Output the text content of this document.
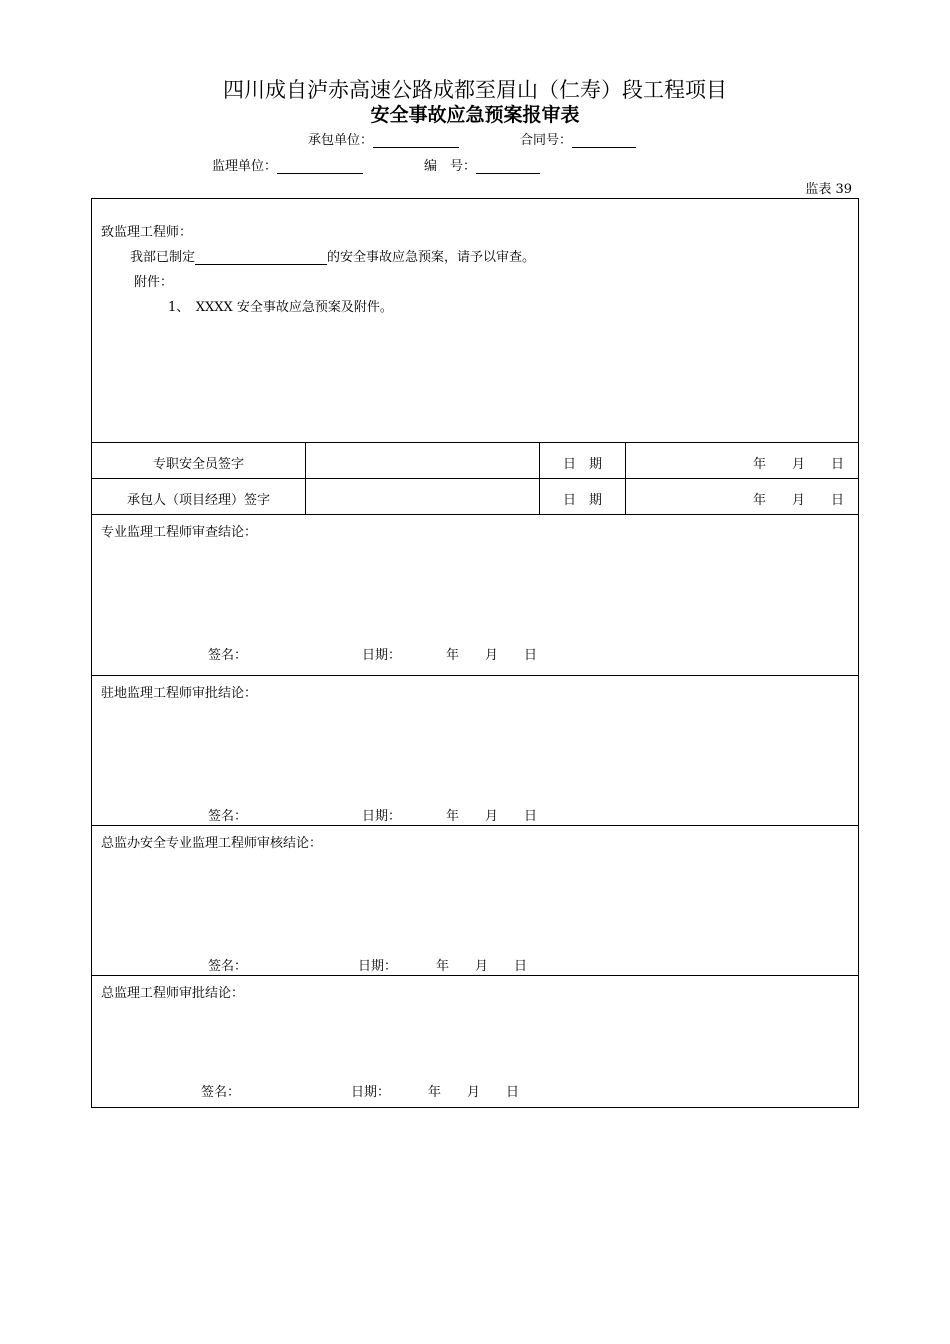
四川成自泸赤高速公路成都至眉山（仁寿）段工程项目
安全事故应急预案报审表
承包单位：	合同号：
监理单位：	编　号：
监表 39
致监理工程师：
我部已制定	的安全事故应急预案，请予以审查。
附件：
1、　XXXX 安全事故应急预案及附件。
专职安全员签字	日　期	年　　月　　日
承包人（项目经理）签字	日　期	年　　月　　日
专业监理工程师审查结论：
签名：	日期：	年　　月　　日
驻地监理工程师审批结论：
签名：	日期：	年　　月　　日
总监办安全专业监理工程师审核结论：
签名：	日期：	年　　月　　日
总监理工程师审批结论：
签名：	日期：	年　　月　　日
